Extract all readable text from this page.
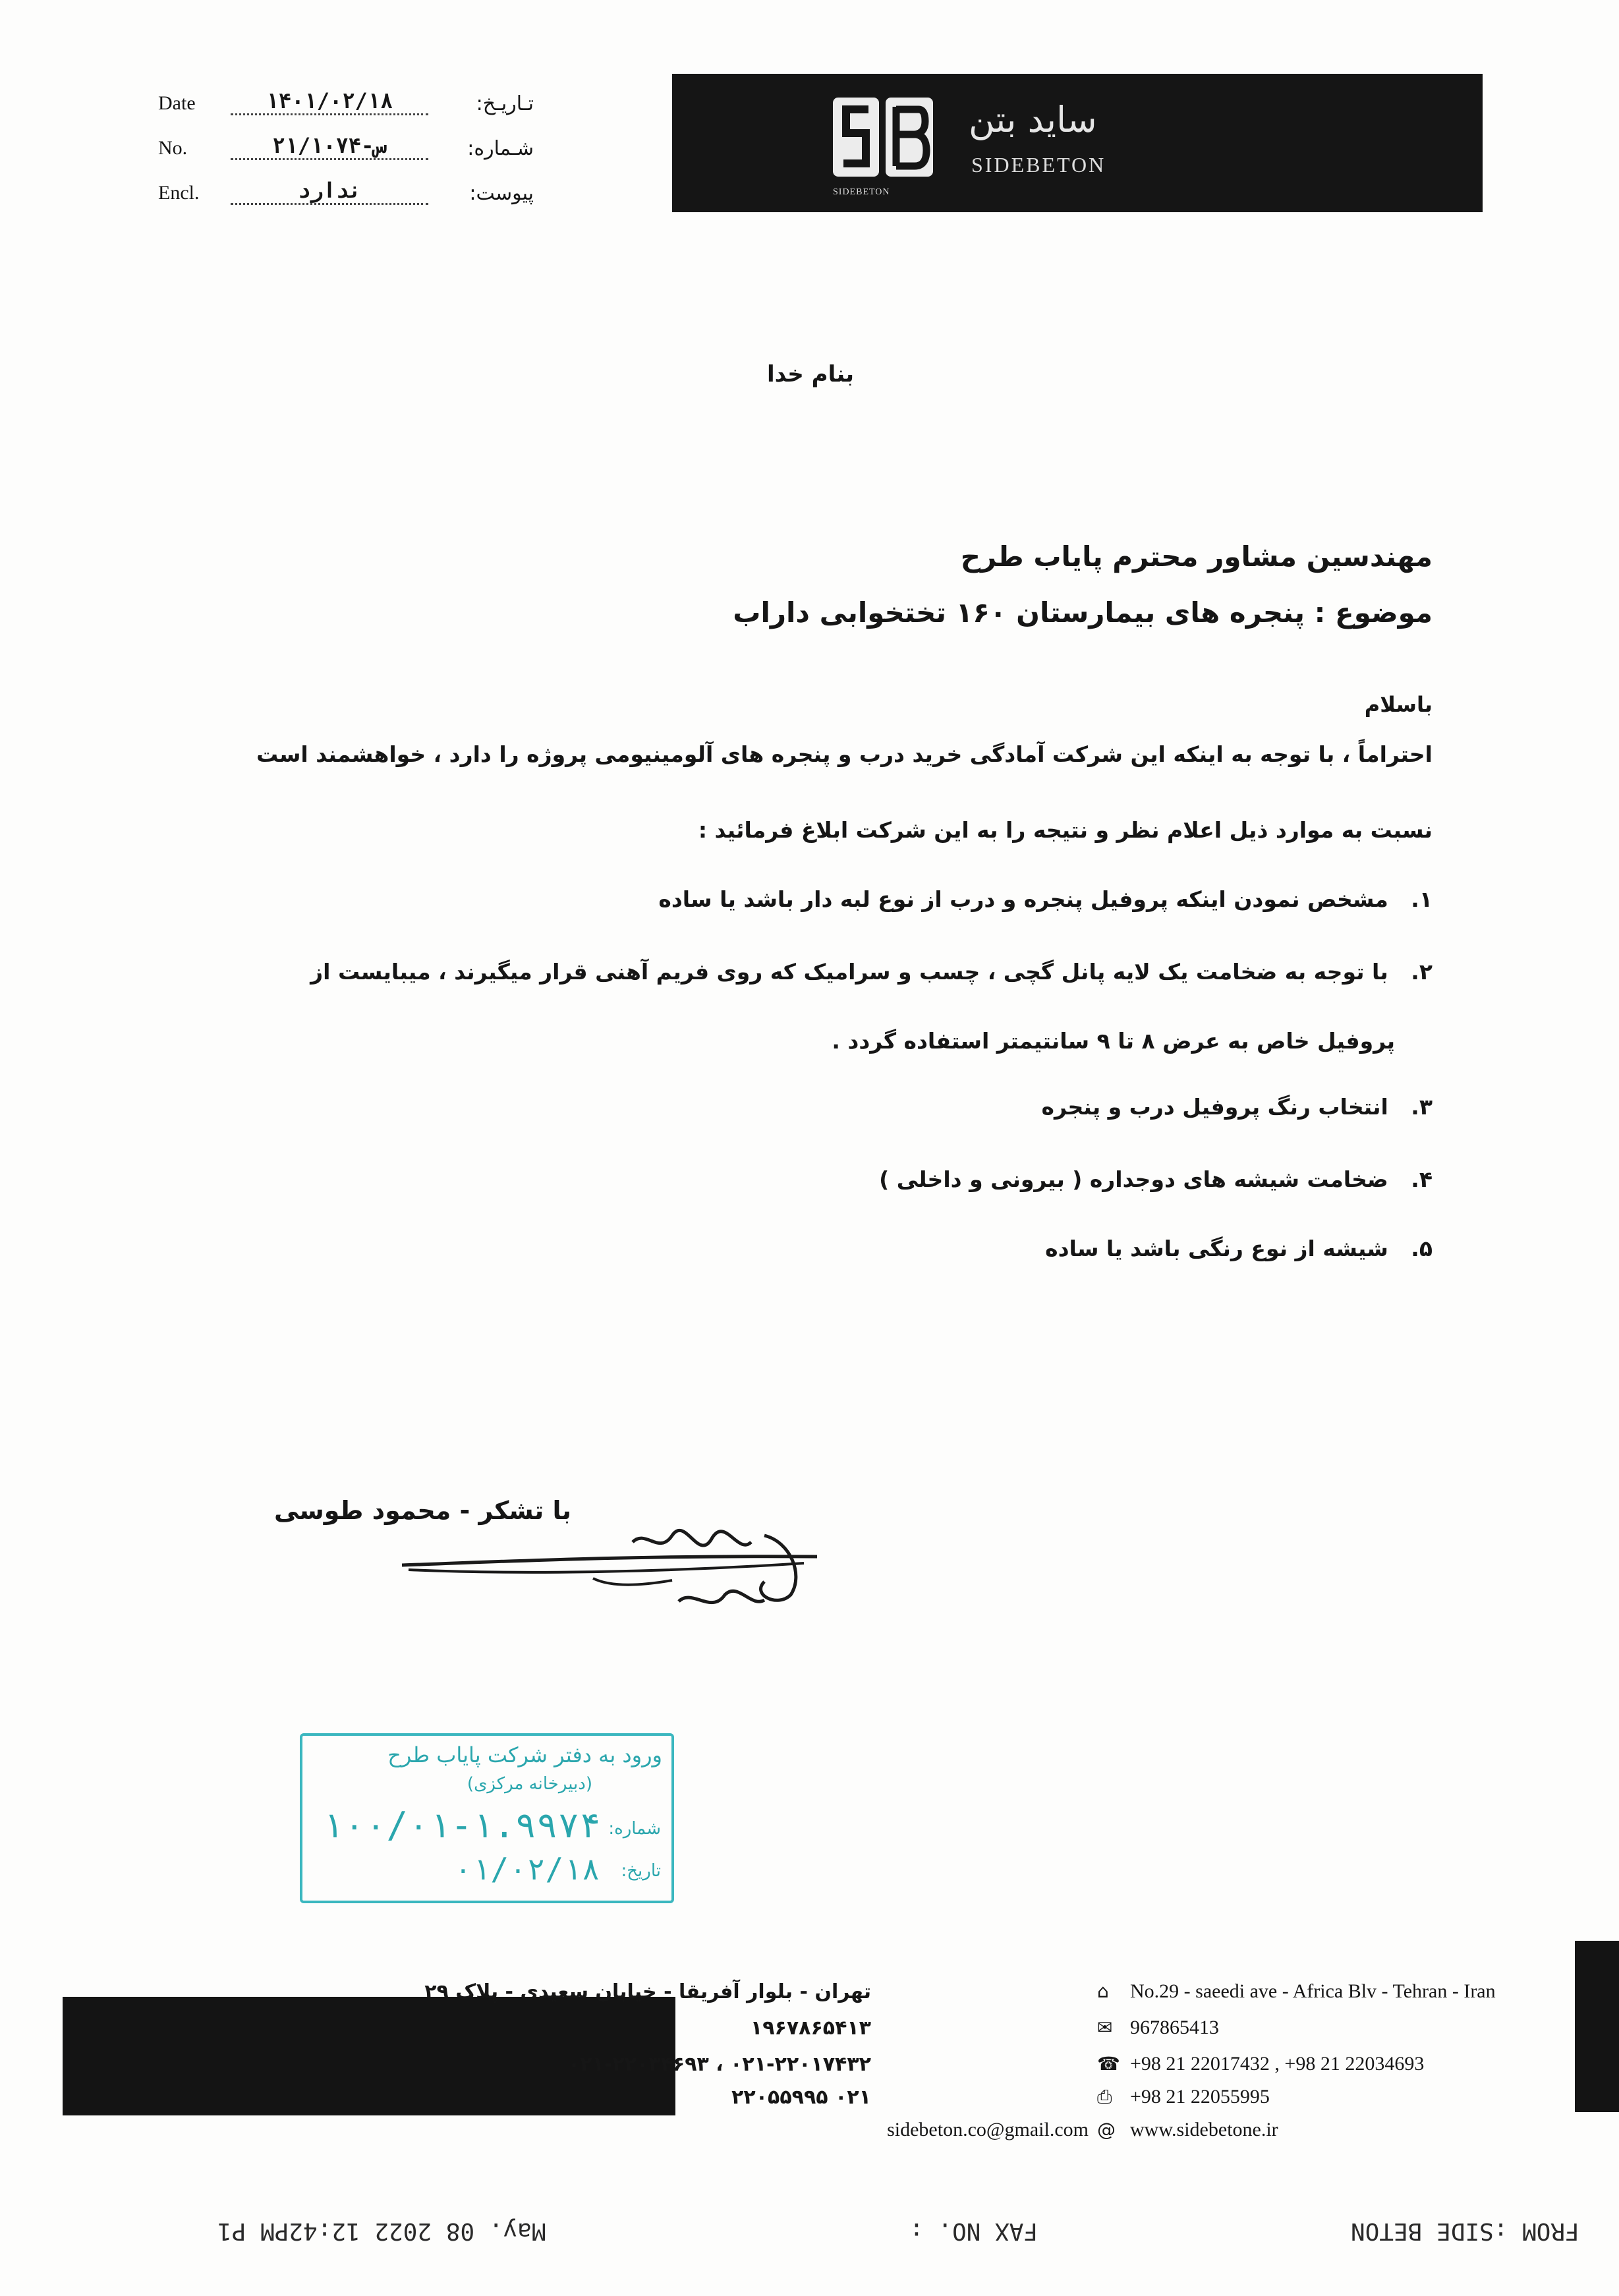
Date	۱۴۰۱/۰۲/۱۸	تـاریـخ:
No.	۲۱/۱۰۷۴-س	شـماره:
Encl.	ندارد	پیوست:
ساید بتن
SIDEBETON
SIDEBETON
بنام خدا
مهندسین مشاور محترم پایاب طرح
موضوع : پنجره های بیمارستان ۱۶۰ تختخوابی داراب
باسلام
احتراماً ، با توجه به اینکه این شرکت آمادگی خرید درب و پنجره های آلومینیومی پروژه را دارد ، خواهشمند است
نسبت به موارد ذیل اعلام نظر و نتیجه را به این شرکت ابلاغ فرمائید :
۱.   مشخص نمودن اینکه پروفیل پنجره و درب از نوع لبه دار باشد یا ساده
۲.   با توجه به ضخامت یک لایه پانل گچی ، چسب و سرامیک که روی فریم آهنی قرار میگیرند ، میبایست از
پروفیل خاص به عرض ۸ تا ۹ سانتیمتر استفاده گردد .
۳.   انتخاب رنگ پروفیل درب و پنجره
۴.   ضخامت شیشه های دوجداره ( بیرونی و داخلی )
۵.   شیشه از نوع رنگی باشد یا ساده
با تشکر - محمود طوسی
ورود به دفتر شرکت پایاب طرح
(دبیرخانه مرکزی)
شماره:
۱۰۰/۰۱-۱.۹۹۷۴
تاریخ:
۰۱/۰۲/۱۸
تهران - بلوار آفریقا - خیابان سعیدی - پلاک ۲۹	⌂ No.29 - saeedi ave - Africa Blv - Tehran - Iran
۱۹۶۷۸۶۵۴۱۳	✉ 967865413
۰۲۱-۲۲۰۱۷۴۳۲ ، ۰۲۱-۲۲۰۳۴۶۹۳	☎ +98 21 22017432 , +98 21 22034693
۰۲۱ ۲۲۰۵۵۹۹۵	⎙ +98 21 22055995
sidebeton.co@gmail.com @ www.sidebetone.ir
FROM :SIDE BETON
FAX NO. :
May. 08 2022 12:42PM P1
